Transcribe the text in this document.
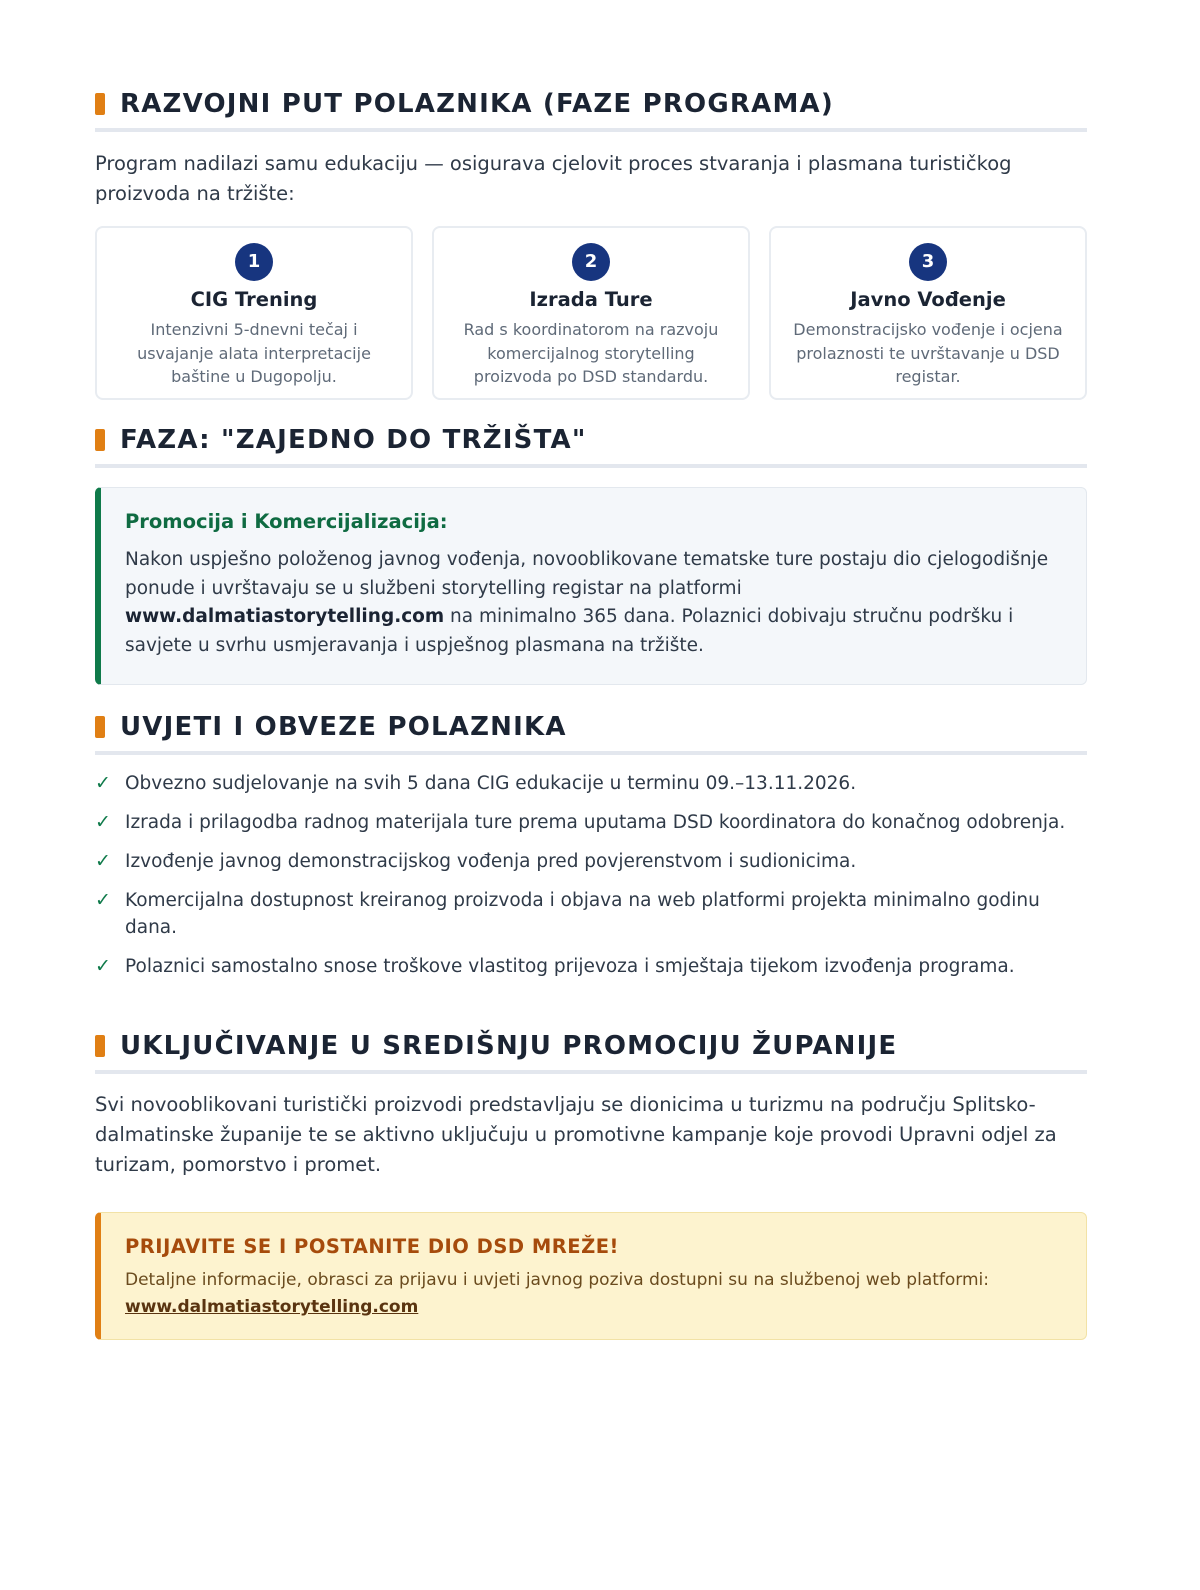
RAZVOJNI PUT POLAZNIKA (FAZE PROGRAMA)

Program nadilazi samu edukaciju — osigurava cjelovit proces stvaranja i plasmana turističkog proizvoda na tržište:

1
CIG Trening

Intenzivni 5-dnevni tečaj i usvajanje alata interpretacije baštine u Dugopolju.

2
Izrada Ture

Rad s koordinatorom na razvoju komercijalnog storytelling proizvoda po DSD standardu.

3
Javno Vođenje

Demonstracijsko vođenje i ocjena prolaznosti te uvrštavanje u DSD registar.

FAZA: "ZAJEDNO DO TRŽIŠTA"
Promocija i Komercijalizacija:

Nakon uspješno položenog javnog vođenja, novooblikovane tematske ture postaju dio cjelogodišnje ponude i uvrštavaju se u službeni storytelling registar na platformi www.dalmatiastorytelling.com na minimalno 365 dana. Polaznici dobivaju stručnu podršku i savjete u svrhu usmjeravanja i uspješnog plasmana na tržište.

UVJETI I OBVEZE POLAZNIKA
✓ Obvezno sudjelovanje na svih 5 dana CIG edukacije u terminu 09.–13.11.2026.
✓ Izrada i prilagodba radnog materijala ture prema uputama DSD koordinatora do konačnog odobrenja.
✓ Izvođenje javnog demonstracijskog vođenja pred povjerenstvom i sudionicima.
✓ Komercijalna dostupnost kreiranog proizvoda i objava na web platformi projekta minimalno godinu dana.
✓ Polaznici samostalno snose troškove vlastitog prijevoza i smještaja tijekom izvođenja programa.
UKLJUČIVANJE U SREDIŠNJU PROMOCIJU ŽUPANIJE

Svi novooblikovani turistički proizvodi predstavljaju se dionicima u turizmu na području Splitsko-dalmatinske županije te se aktivno uključuju u promotivne kampanje koje provodi Upravni odjel za turizam, pomorstvo i promet.

PRIJAVITE SE I POSTANITE DIO DSD MREŽE!

Detaljne informacije, obrasci za prijavu i uvjeti javnog poziva dostupni su na službenoj web platformi:
www.dalmatiastorytelling.com
